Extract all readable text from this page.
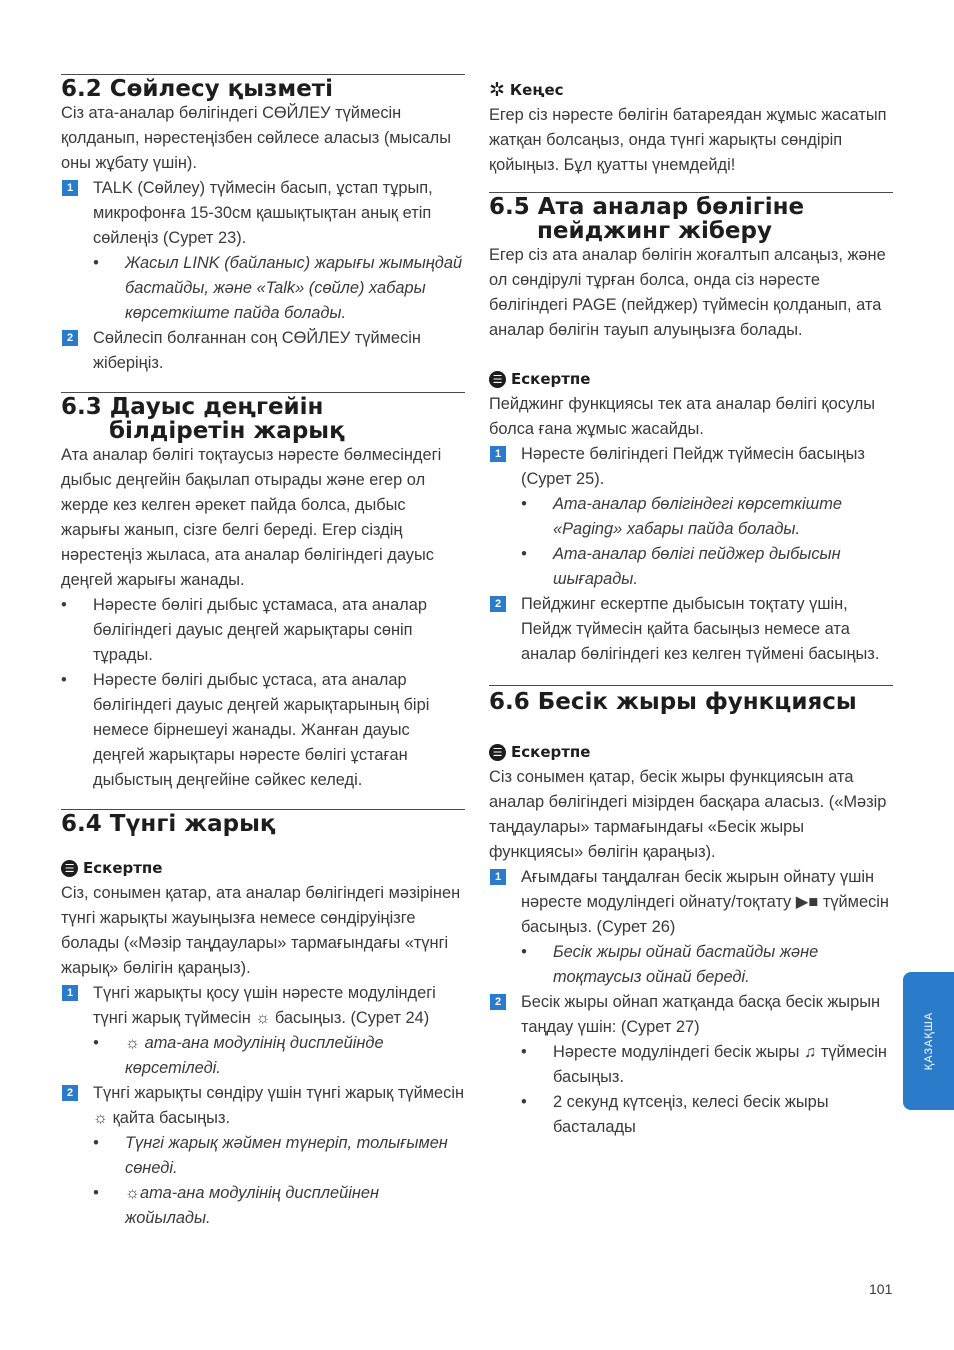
6.2 Сөйлесу қызметі

Сіз ата-аналар бөлігіндегі СӨЙЛЕУ түймесін қолданып, нәрестеңізбен сөйлесе аласыз (мысалы оны жұбату үшін).

1	TALK (Сөйлеу) түймесін басып, ұстап тұрып, микрофонға 15-30см қашықтықтан анық етіп сөйлеңіз (Сурет 23).
• Жасыл LINK (байланыс) жарығы жымыңдай бастайды, және «Talk» (сөйле) хабары көрсеткіште пайда болады.
2	Сөйлесіп болғаннан соң СӨЙЛЕУ түймесін жіберіңіз.
6.3 Дауыс деңгейін
білдіретін жарық

Ата аналар бөлігі тоқтаусыз нәресте бөлмесіндегі дыбыс деңгейін бақылап отырады және егер ол жерде кез келген әрекет пайда болса, дыбыс жарығы жанып, сізге белгі береді. Егер сіздің нәрестеңіз жыласа, ата аналар бөлігіндегі дауыс деңгей жарығы жанады.

• Нәресте бөлігі дыбыс ұстамаса, ата аналар бөлігіндегі дауыс деңгей жарықтары сөніп тұрады.
• Нәресте бөлігі дыбыс ұстаса, ата аналар бөлігіндегі дауыс деңгей жарықтарының бірі немесе бірнешеуі жанады. Жанған дауыс деңгей жарықтары нәресте бөлігі ұстаған дыбыстың деңгейіне сәйкес келеді.
6.4 Түнгі жарық
☰ Ескертпе

Сіз, сонымен қатар, ата аналар бөлігіндегі мәзірінен түнгі жарықты жауыңызға немесе сөндіруіңізге болады («Мәзір таңдаулары» тармағындағы «түнгі жарық» бөлігін қараңыз).

1	Түнгі жарықты қосу үшін нәресте модуліндегі түнгі жарық түймесін ☼ басыңыз. (Сурет 24)
• ☼ ата-ана модулінің дисплейінде көрсетіледі.
2	Түнгі жарықты сөндіру үшін түнгі жарық түймесін ☼ қайта басыңыз.
• Түнгі жарық жәймен түнеріп, толығымен сөнеді.
• ☼ата-ана модулінің дисплейінен жойылады.
✲ Кеңес

Егер сіз нәресте бөлігін батареядан жұмыс жасатып жатқан болсаңыз, онда түнгі жарықты сөндіріп қойыңыз. Бұл қуатты үнемдейді!

6.5 Ата аналар бөлігіне
пейджинг жіберу

Егер сіз ата аналар бөлігін жоғалтып алсаңыз, және ол сөндірулі тұрған болса, онда сіз нәресте бөлігіндегі PAGE (пейджер) түймесін қолданып, ата аналар бөлігін тауып алуыңызға болады.

☰ Ескертпе

Пейджинг функциясы тек ата аналар бөлігі қосулы болса ғана жұмыс жасайды.

1	Нәресте бөлігіндегі Пейдж түймесін басыңыз (Сурет 25).
• Ата-аналар бөлігіндегі көрсеткіште «Paging» хабары пайда болады.
• Ата-аналар бөлігі пейджер дыбысын шығарады.
2	Пейджинг ескертпе дыбысын тоқтату үшін, Пейдж түймесін қайта басыңыз немесе ата аналар бөлігіндегі кез келген түймені басыңыз.
6.6 Бесік жыры функциясы
☰ Ескертпе

Сіз сонымен қатар, бесік жыры функциясын ата аналар бөлігіндегі мізірден басқара аласыз. («Мәзір таңдаулары» тармағындағы «Бесік жыры функциясы» бөлігін қараңыз).

1	Ағымдағы таңдалған бесік жырын ойнату үшін нәресте модуліндегі ойнату/тоқтату ▶■ түймесін басыңыз. (Сурет 26)
• Бесік жыры ойнай бастайды және тоқтаусыз ойнай береді.
2	Бесік жыры ойнап жатқанда басқа бесік жырын таңдау үшін: (Сурет 27)
• Нәресте модуліндегі бесік жыры ♫ түймесін басыңыз.
• 2 секунд күтсеңіз, келесі бесік жыры басталады
ҚАЗАҚША
101
